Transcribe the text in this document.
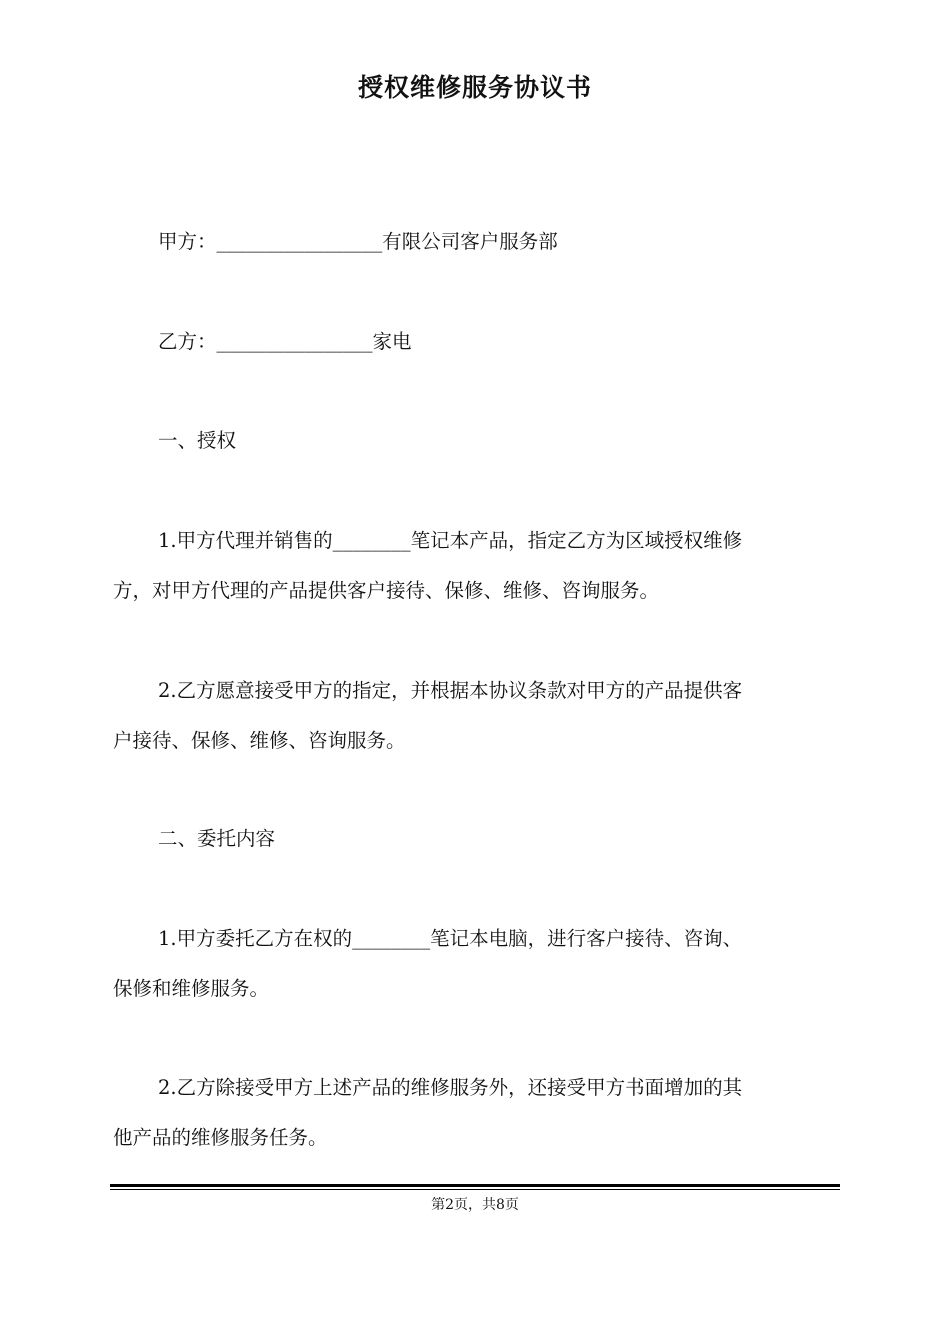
授权维修服务协议书
甲方：_________________有限公司客户服务部
乙方：________________家电
一、授权
1.甲方代理并销售的________笔记本产品，指定乙方为区域授权维修
方，对甲方代理的产品提供客户接待、保修、维修、咨询服务。
2.乙方愿意接受甲方的指定，并根据本协议条款对甲方的产品提供客
户接待、保修、维修、咨询服务。
二、委托内容
1.甲方委托乙方在权的________笔记本电脑，进行客户接待、咨询、
保修和维修服务。
2.乙方除接受甲方上述产品的维修服务外，还接受甲方书面增加的其
他产品的维修服务任务。
第2页，共8页
